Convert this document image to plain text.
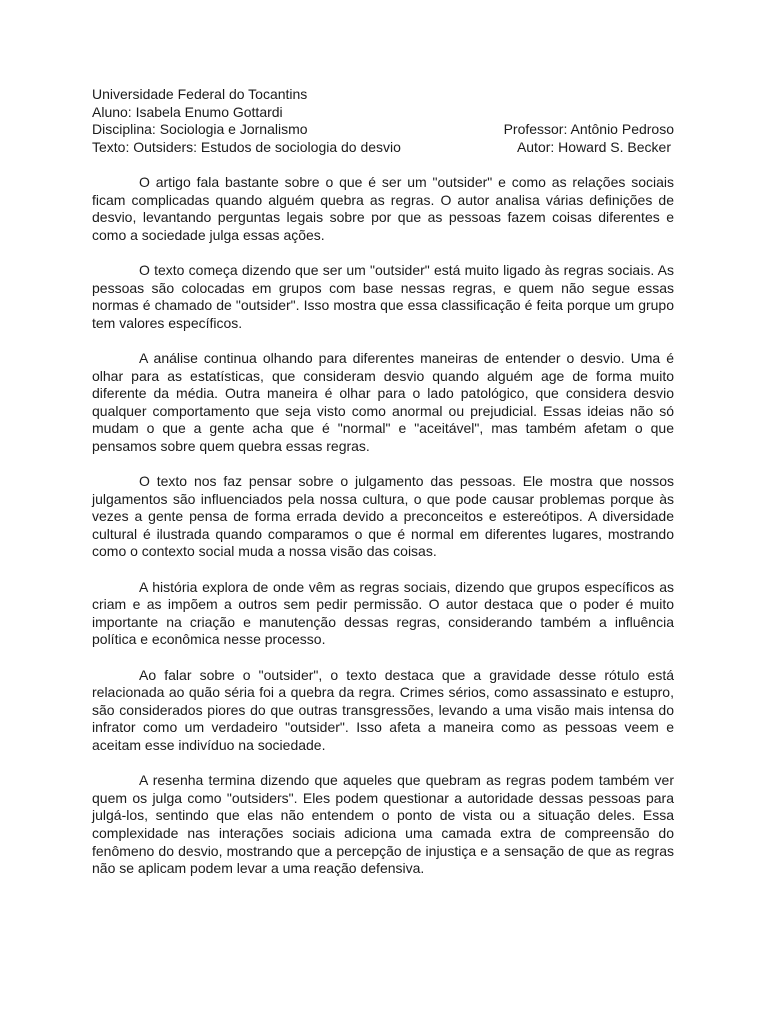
Universidade Federal do Tocantins
Aluno: Isabela Enumo Gottardi
Disciplina: Sociologia e Jornalismo	Professor: Antônio Pedroso
Texto: Outsiders: Estudos de sociologia do desvio	Autor: Howard S. Becker

O artigo fala bastante sobre o que é ser um "outsider" e como as relações sociais ficam complicadas quando alguém quebra as regras. O autor analisa várias definições de desvio, levantando perguntas legais sobre por que as pessoas fazem coisas diferentes e como a sociedade julga essas ações.

O texto começa dizendo que ser um "outsider" está muito ligado às regras sociais. As pessoas são colocadas em grupos com base nessas regras, e quem não segue essas normas é chamado de "outsider". Isso mostra que essa classificação é feita porque um grupo tem valores específicos.

A análise continua olhando para diferentes maneiras de entender o desvio. Uma é olhar para as estatísticas, que consideram desvio quando alguém age de forma muito diferente da média. Outra maneira é olhar para o lado patológico, que considera desvio qualquer comportamento que seja visto como anormal ou prejudicial. Essas ideias não só mudam o que a gente acha que é "normal" e "aceitável", mas também afetam o que pensamos sobre quem quebra essas regras.

O texto nos faz pensar sobre o julgamento das pessoas. Ele mostra que nossos julgamentos são influenciados pela nossa cultura, o que pode causar problemas porque às vezes a gente pensa de forma errada devido a preconceitos e estereótipos. A diversidade cultural é ilustrada quando comparamos o que é normal em diferentes lugares, mostrando como o contexto social muda a nossa visão das coisas.

A história explora de onde vêm as regras sociais, dizendo que grupos específicos as criam e as impõem a outros sem pedir permissão. O autor destaca que o poder é muito importante na criação e manutenção dessas regras, considerando também a influência política e econômica nesse processo.

Ao falar sobre o "outsider", o texto destaca que a gravidade desse rótulo está relacionada ao quão séria foi a quebra da regra. Crimes sérios, como assassinato e estupro, são considerados piores do que outras transgressões, levando a uma visão mais intensa do infrator como um verdadeiro "outsider". Isso afeta a maneira como as pessoas veem e aceitam esse indivíduo na sociedade.

A resenha termina dizendo que aqueles que quebram as regras podem também ver quem os julga como "outsiders". Eles podem questionar a autoridade dessas pessoas para julgá-los, sentindo que elas não entendem o ponto de vista ou a situação deles. Essa complexidade nas interações sociais adiciona uma camada extra de compreensão do fenômeno do desvio, mostrando que a percepção de injustiça e a sensação de que as regras não se aplicam podem levar a uma reação defensiva.
